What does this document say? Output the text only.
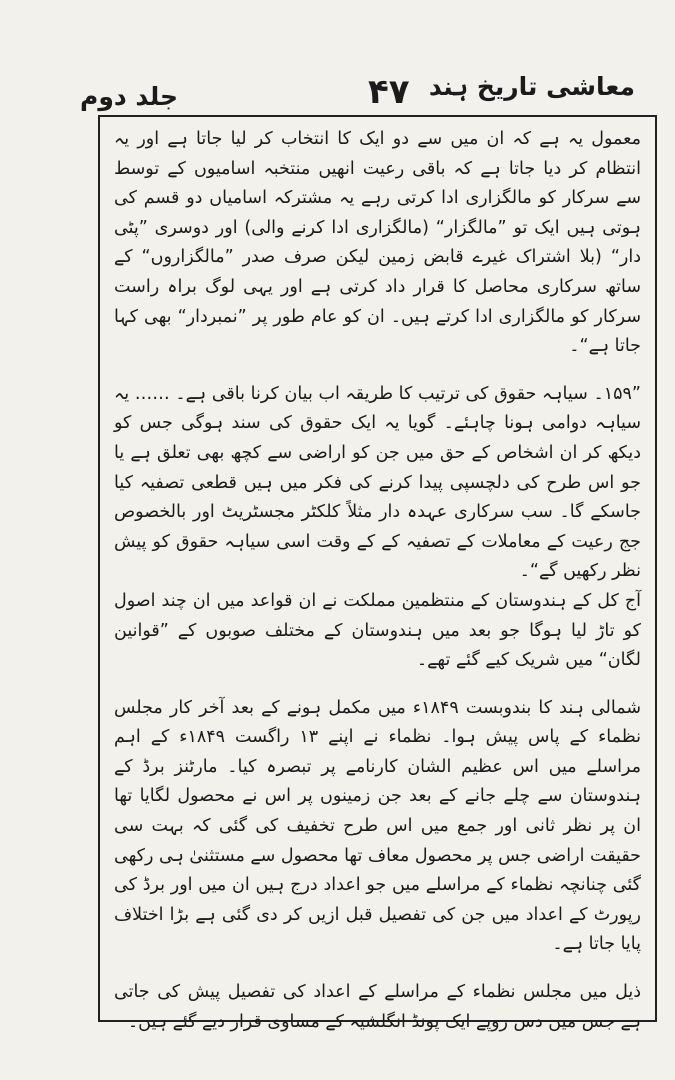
جلد دوم	۴۷ معاشی تاریخ ہند

معمول یہ ہے کہ ان میں سے دو ایک کا انتخاب کر لیا جاتا ہے اور یہ انتظام کر دیا جاتا ہے کہ باقی رعیت انھیں منتخبہ اسامیوں کے توسط سے سرکار کو مالگزاری ادا کرتی رہے یہ مشترکہ اسامیاں دو قسم کی ہوتی ہیں ایک تو ”مالگزار“ (مالگزاری ادا کرنے والی) اور دوسری ”پٹی دار“ (بلا اشتراک غیرے قابض زمین لیکن صرف صدر ”مالگزاروں“ کے ساتھ سرکاری محاصل کا قرار داد کرتی ہے اور یہی لوگ براہ راست سرکار کو مالگزاری ادا کرتے ہیں۔ ان کو عام طور پر ”نمبردار“ بھی کہا جاتا ہے“۔

”۱۵۹۔ سیاہہ حقوق کی ترتیب کا طریقہ اب بیان کرنا باقی ہے۔ …… یہ سیاہہ دوامی ہونا چاہئے۔ گویا یہ ایک حقوق کی سند ہوگی جس کو دیکھ کر ان اشخاص کے حق میں جن کو اراضی سے کچھ بھی تعلق ہے یا جو اس طرح کی دلچسپی پیدا کرنے کی فکر میں ہیں قطعی تصفیہ کیا جاسکے گا۔ سب سرکاری عہدہ دار مثلاً کلکٹر مجسٹریٹ اور بالخصوص جج رعیت کے معاملات کے تصفیہ کے کے وقت اسی سیاہہ حقوق کو پیش نظر رکھیں گے“۔

آج کل کے ہندوستان کے منتظمین مملکت نے ان قواعد میں ان چند اصول کو تاڑ لیا ہوگا جو بعد میں ہندوستان کے مختلف صوبوں کے ”قوانین لگان“ میں شریک کیے گئے تھے۔

شمالی ہند کا بندوبست ۱۸۴۹ء میں مکمل ہونے کے بعد آخر کار مجلس نظماء کے پاس پیش ہوا۔ نظماء نے اپنے ۱۳ راگست ۱۸۴۹ء کے اہم مراسلے میں اس عظیم الشان کارنامے پر تبصرہ کیا۔ مارٹنز برڈ کے ہندوستان سے چلے جانے کے بعد جن زمینوں پر اس نے محصول لگایا تھا ان پر نظر ثانی اور جمع میں اس طرح تخفیف کی گئی کہ بہت سی حقیقت اراضی جس پر محصول معاف تھا محصول سے مستثنیٰ ہی رکھی گئی چنانچہ نظماء کے مراسلے میں جو اعداد درج ہیں ان میں اور برڈ کی رپورٹ کے اعداد میں جن کی تفصیل قبل ازیں کر دی گئی ہے بڑا اختلاف پایا جاتا ہے۔

ذیل میں مجلس نظماء کے مراسلے کے اعداد کی تفصیل پیش کی جاتی ہے جس میں دس روپے ایک پونڈ انگلشیہ کے مساوی قرار دیے گئے ہیں۔
